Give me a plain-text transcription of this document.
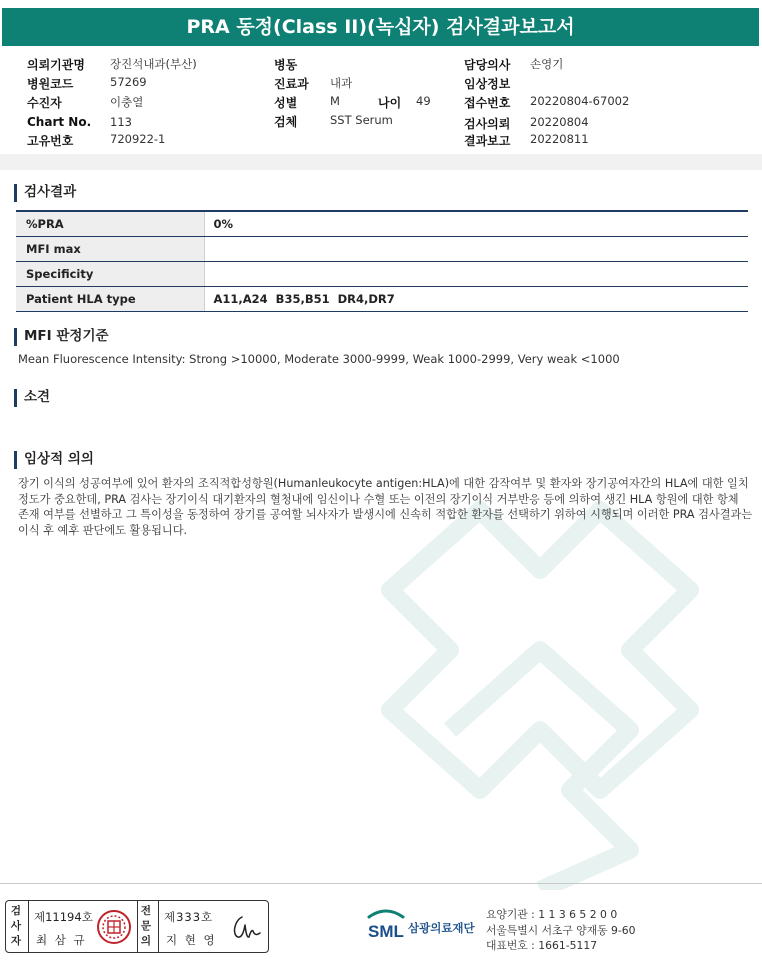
PRA 동정(Class II)(녹십자) 검사결과보고서
의뢰기관명 장진석내과(부산)
병원코드	57269
수진자	이충열
Chart No. 113
고유번호	720922-1
병동
진료과 내과
성별	M	나이 49
검체	SST Serum
담당의사 손영기
임상정보
접수번호 20220804-67002
검사의뢰 20220804
결과보고 20220811
검사결과
%PRA	0%
MFI max	
Specificity	
Patient HLA type	A11,A24  B35,B51  DR4,DR7
MFI 판정기준
Mean Fluorescence Intensity: Strong >10000, Moderate 3000-9999, Weak 1000-2999, Very weak <1000
소견
임상적 의의
장기 이식의 성공여부에 있어 환자의 조직적합성항원(Humanleukocyte antigen:HLA)에 대한 감작여부 및 환자와 장기공여자간의 HLA에 대한 일치
정도가 중요한데, PRA 검사는 장기이식 대기환자의 혈청내에 임신이나 수혈 또는 이전의 장기이식 거부반응 등에 의하여 생긴 HLA 항원에 대한 항체
존재 여부를 선별하고 그 특이성을 동정하여 장기를 공여할 뇌사자가 발생시에 신속히 적합한 환자를 선택하기 위하여 시행되며 이러한 PRA 검사결과는
이식 후 예후 판단에도 활용됩니다.
검사자
제11194호
최 삼 규
전문의
제333호
지 현 영	SML 삼광의료재단
요양기관 : 1 1 3 6 5 2 0 0
서울특별시 서초구 양재동 9-60
대표번호 : 1661-5117
